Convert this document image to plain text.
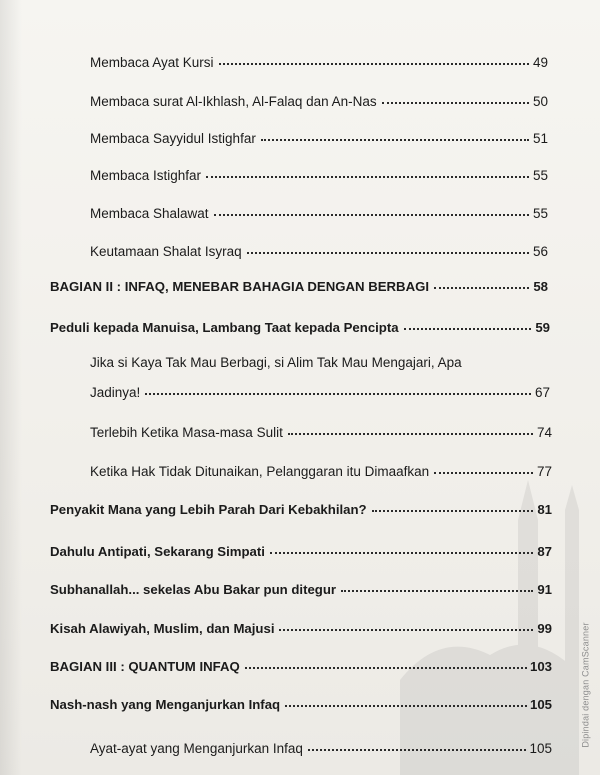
Membaca Ayat Kursi	49
Membaca surat Al-Ikhlash, Al-Falaq dan An-Nas	50
Membaca Sayyidul Istighfar	51
Membaca Istighfar	55
Membaca Shalawat	55
Keutamaan Shalat Isyraq	56
BAGIAN II : INFAQ, MENEBAR BAHAGIA DENGAN BERBAGI	58
Peduli kepada Manuisa, Lambang Taat kepada Pencipta	59
Jika si Kaya Tak Mau Berbagi, si Alim Tak Mau Mengajari, Apa
Jadinya!	67
Terlebih Ketika Masa-masa Sulit	74
Ketika Hak Tidak Ditunaikan, Pelanggaran itu Dimaafkan	77
Penyakit Mana yang Lebih Parah Dari Kebakhilan?	81
Dahulu Antipati, Sekarang Simpati	87
Subhanallah... sekelas Abu Bakar pun ditegur	91
Kisah Alawiyah, Muslim, dan Majusi	99
BAGIAN III : QUANTUM INFAQ	103
Nash-nash yang Menganjurkan Infaq	105
Ayat-ayat yang Menganjurkan Infaq	105
Dipindai dengan CamScanner
